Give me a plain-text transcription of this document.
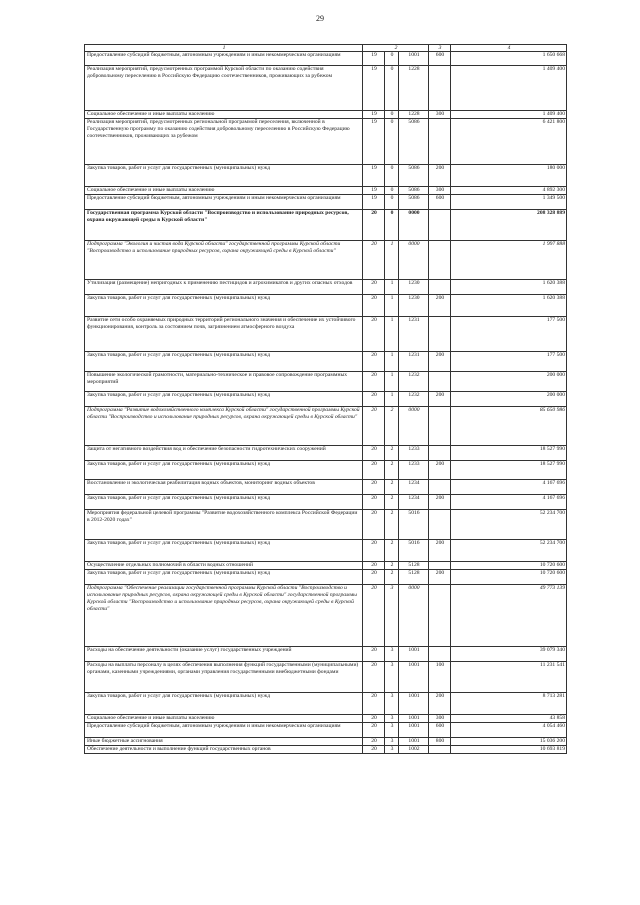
29
1	2			3	4
Предоставление субсидий бюджетным, автономным учреждениям и иным некоммерческим организациям	19	0	1001	600	1 650 668
Реализация мероприятий, предусмотренных программой Курской области по оказанию содействия добровольному переселению в Российскую Федерацию соотечественников, проживающих за рубежом	19	0	1228		1 409 400
Социальное обеспечение и иные выплаты населению	19	0	1228	300	1 409 400
Реализация мероприятий, предусмотренных региональной программой переселения, включенной в Государственную программу по оказанию содействия добровольному переселению в Российскую Федерацию соотечественников, проживающих за рубежом	19	0	5086		6 421 800
Закупка товаров, работ и услуг для государственных (муниципальных) нужд	19	0	5086	200	180 000
Социальное обеспечение и иные выплаты населению	19	0	5086	300	4 892 300
Предоставление субсидий бюджетным, автономным учреждениям и иным некоммерческим организациям	19	0	5086	600	1 349 500
Государственная программа Курской области "Воспроизводство и использование природных ресурсов, охрана окружающей среды в Курской области"	20	0	0000		208 328 889
Подпрограмма "Экология и чистая вода Курской области" государственной программы Курской области "Воспроизводство и использование природных ресурсов, охрана окружающей среды в Курской области"	20	1	0000		1 997 888
Утилизация (размещение) непригодных к применению пестицидов и агрохимикатов и других опасных отходов	20	1	1230		1 620 388
Закупка товаров, работ и услуг для государственных (муниципальных) нужд	20	1	1230	200	1 620 388
Развитие сети особо охраняемых природных территорий регионального значения и обеспечение их устойчивого функционирования, контроль за состоянием почв, загрязнением атмосферного воздуха	20	1	1231		177 500
Закупка товаров, работ и услуг для государственных (муниципальных) нужд	20	1	1231	200	177 500
Повышение экологической грамотности, материально-техническое и правовое сопровождение программных мероприятий	20	1	1232		200 000
Закупка товаров, работ и услуг для государственных (муниципальных) нужд	20	1	1232	200	200 000
Подпрограмма "Развитие водохозяйственного комплекса Курской области" государственной программы Курской области "Воспроизводство и использование природных ресурсов, охрана окружающей среды в Курской области"	20	2	0000		85 650 986
Защита от негативного воздействия вод и обеспечение безопасности гидротехнических сооружений	20	2	1233		18 527 990
Закупка товаров, работ и услуг для государственных (муниципальных) нужд	20	2	1233	200	18 527 990
Восстановление и экологическая реабилитация водных объектов, мониторинг водных объектов	20	2	1234		4 167 696
Закупка товаров, работ и услуг для государственных (муниципальных) нужд	20	2	1234	200	4 167 696
Мероприятия федеральной целевой программы "Развитие водохозяйственного комплекса Российской Федерации в 2012-2020 годах"	20	2	5016		52 234 700
Закупка товаров, работ и услуг для государственных (муниципальных) нужд	20	2	5016	200	52 234 700
Осуществление отдельных полномочий в области водных отношений	20	2	5128		10 720 600
Закупка товаров, работ и услуг для государственных (муниципальных) нужд	20	2	5128	200	10 720 600
Подпрограмма "Обеспечение реализации государственной программы Курской области "Воспроизводство и использование природных ресурсов, охрана окружающей среды в Курской области" государственной программы Курской области "Воспроизводство и использование природных ресурсов, охрана окружающей среды в Курской области"	20	3	0000		49 773 139
Расходы на обеспечение деятельности (оказание услуг) государственных учреждений	20	3	1001		39 079 340
Расходы на выплаты персоналу в целях обеспечения выполнения функций государственными (муниципальными) органами, казенными учреждениями, органами управления государственными внебюджетными фондами	20	3	1001	100	11 231 541
Закупка товаров, работ и услуг для государственных (муниципальных) нужд	20	3	1001	200	8 713 281
Социальное обеспечение и иные выплаты населению	20	3	1001	300	43 858
Предоставление субсидий бюджетным, автономным учреждениям и иным некоммерческим организациям	20	3	1001	600	4 054 460
Иные бюджетные ассигнования	20	3	1001	800	15 036 200
Обеспечение деятельности и выполнение функций государственных органов	20	3	1002		10 693 819
